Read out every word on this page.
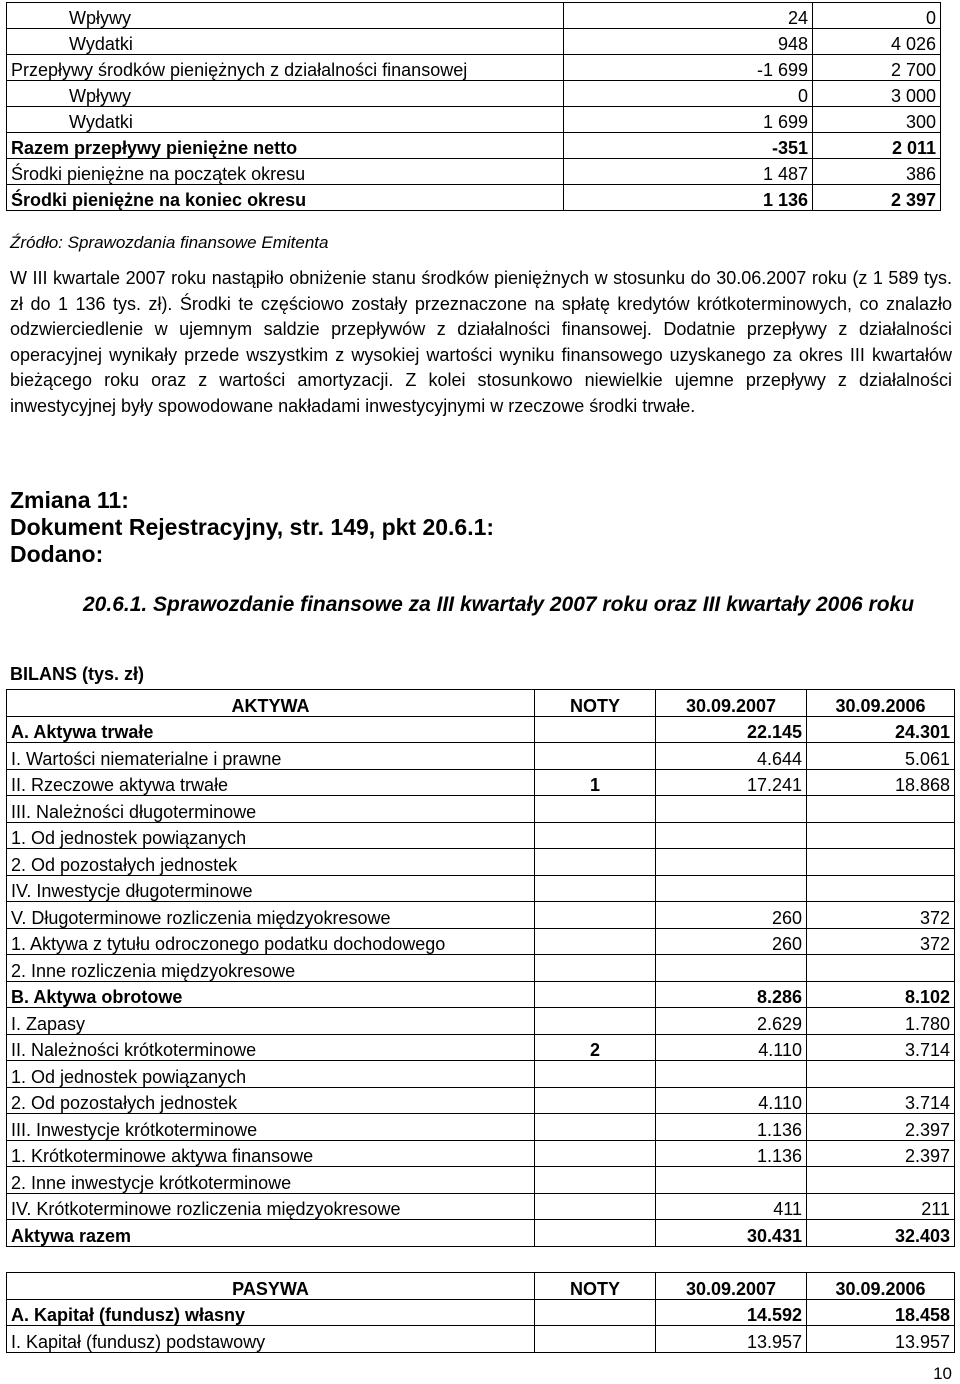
Wpływy	24	0
Wydatki	948	4 026
Przepływy środków pieniężnych z działalności finansowej	-1 699	2 700
Wpływy	0	3 000
Wydatki	1 699	300
Razem przepływy pieniężne netto	-351	2 011
Środki pieniężne na początek okresu	1 487	386
Środki pieniężne na koniec okresu	1 136	2 397
Źródło: Sprawozdania finansowe Emitenta
W III kwartale 2007 roku nastąpiło obniżenie stanu środków pieniężnych w stosunku do 30.06.2007 roku (z 1 589 tys. zł do 1 136 tys. zł). Środki te częściowo zostały przeznaczone na spłatę kredytów krótkoterminowych, co znalazło odzwierciedlenie w ujemnym saldzie przepływów z działalności finansowej. Dodatnie przepływy z działalności operacyjnej wynikały przede wszystkim z wysokiej wartości wyniku finansowego uzyskanego za okres III kwartałów bieżącego roku oraz z wartości amortyzacji. Z kolei stosunkowo niewielkie ujemne przepływy z działalności inwestycyjnej były spowodowane nakładami inwestycyjnymi w rzeczowe środki trwałe.
Zmiana 11:
Dokument Rejestracyjny, str. 149, pkt 20.6.1:
Dodano:
20.6.1. Sprawozdanie finansowe za III kwartały 2007 roku oraz III kwartały 2006 roku
BILANS (tys. zł)
AKTYWA	NOTY	30.09.2007	30.09.2006
A. Aktywa trwałe		22.145	24.301
I. Wartości niematerialne i prawne		4.644	5.061
II. Rzeczowe aktywa trwałe	1	17.241	18.868
III. Należności długoterminowe			
1. Od jednostek powiązanych			
2. Od pozostałych jednostek			
IV. Inwestycje długoterminowe			
V. Długoterminowe rozliczenia międzyokresowe		260	372
1. Aktywa z tytułu odroczonego podatku dochodowego		260	372
2. Inne rozliczenia międzyokresowe			
B. Aktywa obrotowe		8.286	8.102
I. Zapasy		2.629	1.780
II. Należności krótkoterminowe	2	4.110	3.714
1. Od jednostek powiązanych			
2. Od pozostałych jednostek		4.110	3.714
III. Inwestycje krótkoterminowe		1.136	2.397
1. Krótkoterminowe aktywa finansowe		1.136	2.397
2. Inne inwestycje krótkoterminowe			
IV. Krótkoterminowe rozliczenia międzyokresowe		411	211
Aktywa razem		30.431	32.403
PASYWA	NOTY	30.09.2007	30.09.2006
A. Kapitał (fundusz) własny		14.592	18.458
I. Kapitał (fundusz) podstawowy		13.957	13.957
10
